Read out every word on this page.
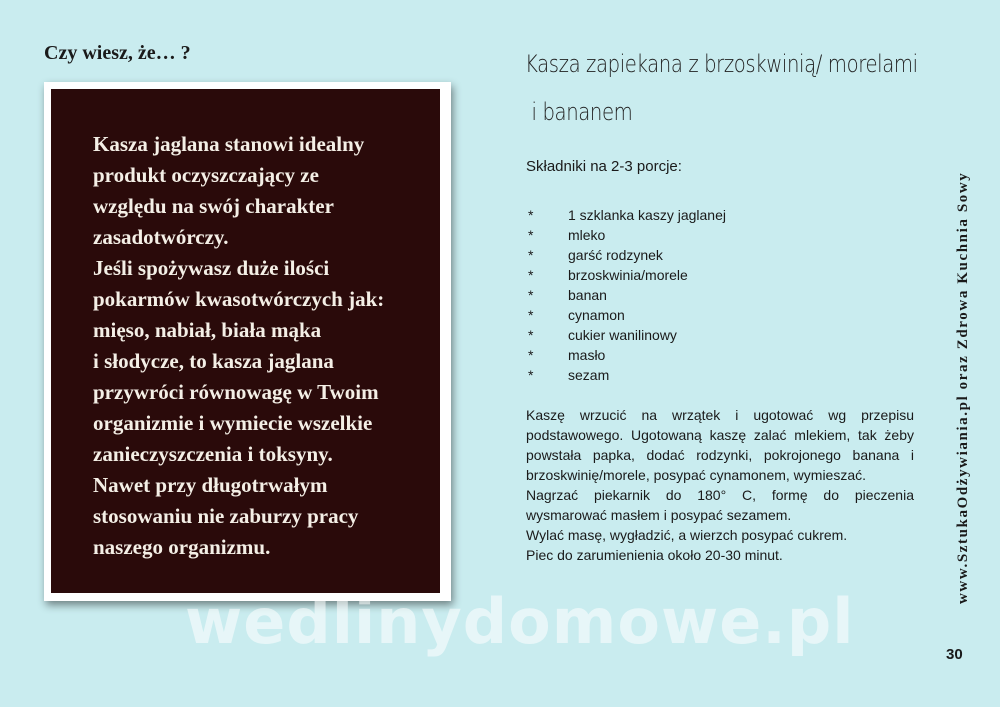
Czy wiesz, że… ?
Kasza jaglana stanowi idealny
produkt oczyszczający ze
względu na swój charakter
zasadotwórczy.
Jeśli spożywasz duże ilości
pokarmów kwasotwórczych jak:
mięso, nabiał, biała mąka
i słodycze, to kasza jaglana
przywróci równowagę w Twoim
organizmie i wymiecie wszelkie
zanieczyszczenia i toksyny.
Nawet przy długotrwałym
stosowaniu nie zaburzy pracy
naszego organizmu.
Kasza zapiekana z brzoskwinią/ morelami
i bananem
Składniki na 2-3 porcje:
* 1 szklanka kaszy jaglanej
* mleko
* garść rodzynek
* brzoskwinia/morele
* banan
* cynamon
* cukier wanilinowy
* masło
* sezam

Kaszę wrzucić na wrzątek i ugotować wg przepisu podstawowego. Ugotowaną kaszę zalać mlekiem, tak żeby powstała papka, dodać rodzynki, pokrojonego banana i brzoskwinię/morele, posypać cynamonem, wymieszać.

Nagrzać piekarnik do 180° C, formę do pieczenia wysmarować masłem i posypać sezamem.

Wylać masę, wygładzić, a wierzch posypać cukrem.

Piec do zarumienienia około 20-30 minut.	www.SztukaOdżywiania.pl oraz Zdrowa Kuchnia Sowy
wedlinydomowe.pl	30
